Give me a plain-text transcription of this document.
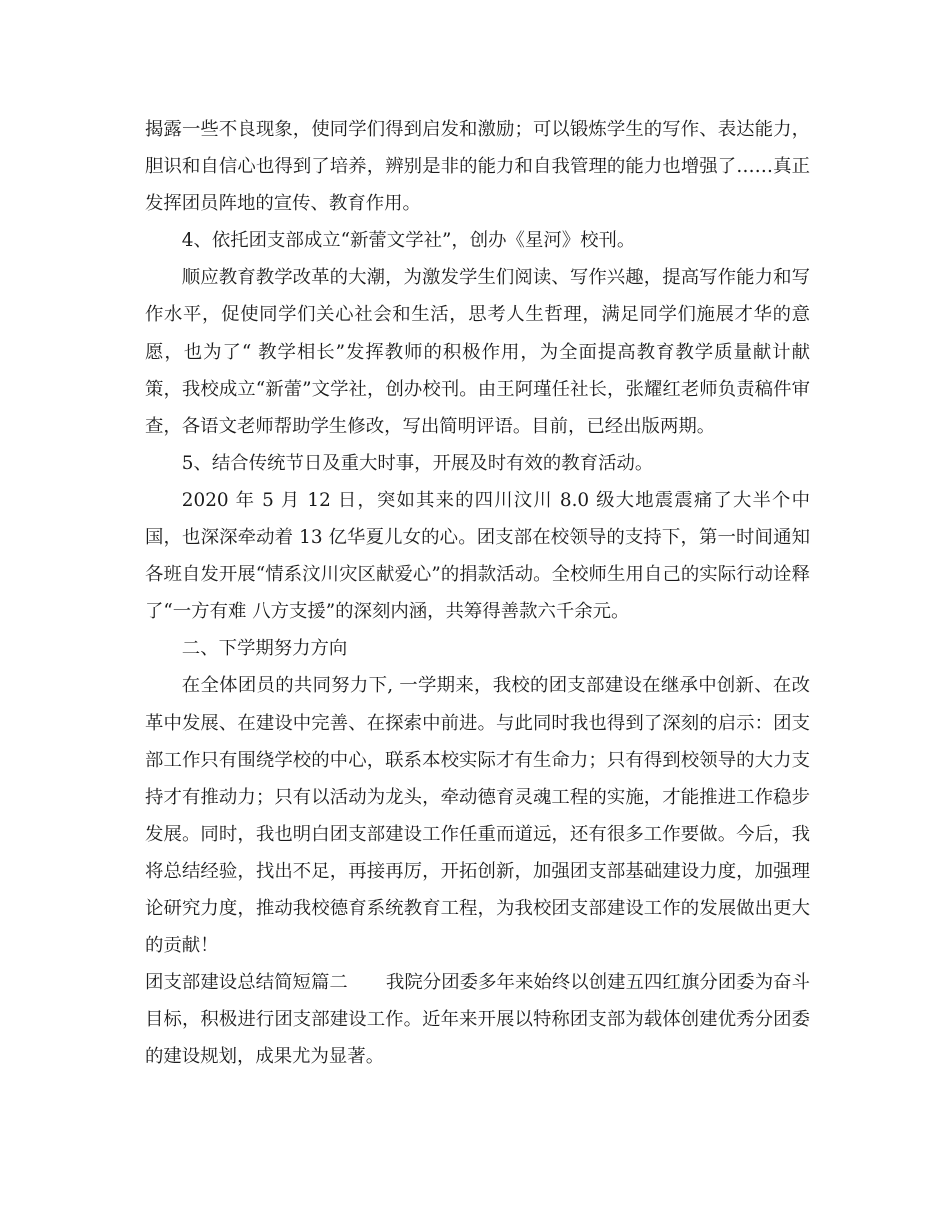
揭露一些不良现象，使同学们得到启发和激励；可以锻炼学生的写作、表达能力，胆识和自信心也得到了培养，辨别是非的能力和自我管理的能力也增强了……真正发挥团员阵地的宣传、教育作用。

4、依托团支部成立“新蕾文学社”，创办《星河》校刊。

顺应教育教学改革的大潮，为激发学生们阅读、写作兴趣，提高写作能力和写作水平，促使同学们关心社会和生活，思考人生哲理，满足同学们施展才华的意愿，也为了“ 教学相长”发挥教师的积极作用，为全面提高教育教学质量献计献策，我校成立“新蕾”文学社，创办校刊。由王阿瑾任社长，张耀红老师负责稿件审查，各语文老师帮助学生修改，写出简明评语。目前，已经出版两期。

5、结合传统节日及重大时事，开展及时有效的教育活动。

2020 年 5 月 12 日，突如其来的四川汶川 8.0 级大地震震痛了大半个中国，也深深牵动着 13 亿华夏儿女的心。团支部在校领导的支持下，第一时间通知各班自发开展“情系汶川灾区献爱心”的捐款活动。全校师生用自己的实际行动诠释了“一方有难 八方支援”的深刻内涵，共筹得善款六千余元。

二、下学期努力方向

在全体团员的共同努力下, 一学期来，我校的团支部建设在继承中创新、在改革中发展、在建设中完善、在探索中前进。与此同时我也得到了深刻的启示：团支部工作只有围绕学校的中心，联系本校实际才有生命力；只有得到校领导的大力支持才有推动力；只有以活动为龙头，牵动德育灵魂工程的实施，才能推进工作稳步发展。同时，我也明白团支部建设工作任重而道远，还有很多工作要做。今后，我将总结经验，找出不足，再接再厉，开拓创新，加强团支部基础建设力度，加强理论研究力度，推动我校德育系统教育工程，为我校团支部建设工作的发展做出更大的贡献！

团支部建设总结简短篇二 我院分团委多年来始终以创建五四红旗分团委为奋斗目标，积极进行团支部建设工作。近年来开展以特称团支部为载体创建优秀分团委的建设规划，成果尤为显著。
